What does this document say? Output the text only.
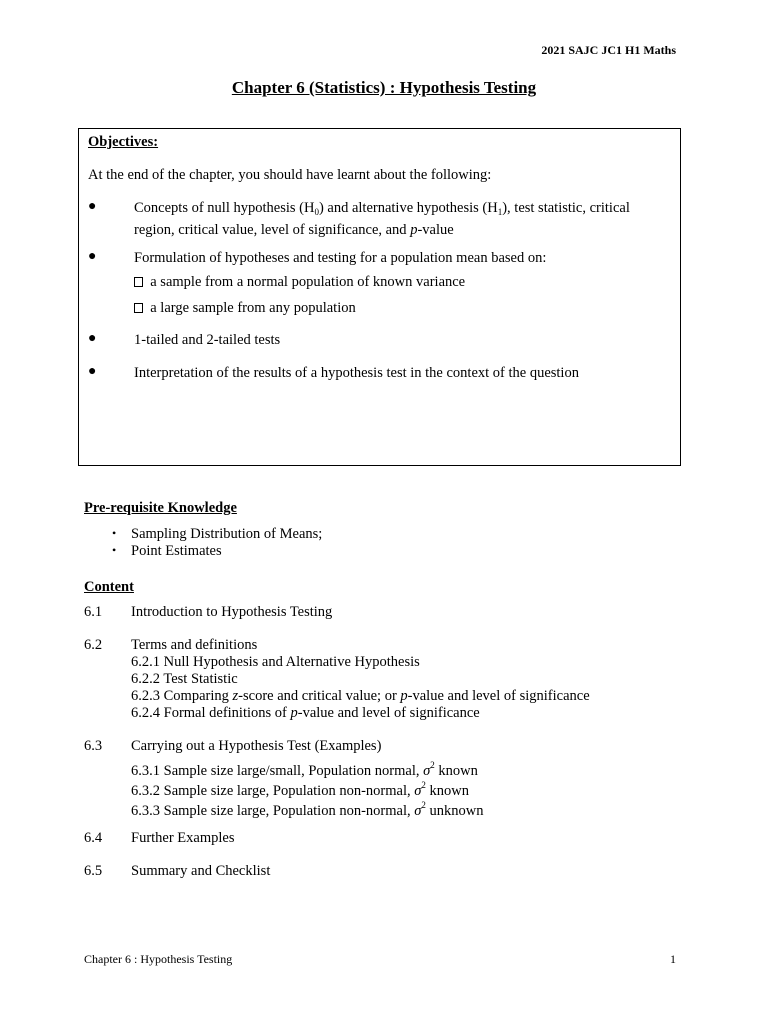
2021 SAJC JC1 H1 Maths
Chapter 6 (Statistics) : Hypothesis Testing
Objectives:
At the end of the chapter, you should have learnt about the following:
●	Concepts of null hypothesis $(H_0)$ and alternative hypothesis $(H_1)$, test statistic, critical
region, critical value, level of significance, and p-value
●	Formulation of hypotheses and testing for a population mean based on:
a sample from a normal population of known variance
a large sample from any population
●	1-tailed and 2-tailed tests
●	Interpretation of the results of a hypothesis test in the context of the question
Pre-requisite Knowledge
• Sampling Distribution of Means;
• Point Estimates
Content
6.1 Introduction to Hypothesis Testing
6.2 Terms and definitions
6.2.1 Null Hypothesis and Alternative Hypothesis
6.2.2 Test Statistic
6.2.3 Comparing z-score and critical value; or p-value and level of significance
6.2.4 Formal definitions of p-value and level of significance
6.3 Carrying out a Hypothesis Test (Examples)
6.3.1 Sample size large/small, Population normal, $\sigma^2$ known
6.3.2 Sample size large, Population non-normal, $\sigma^2$ known
6.3.3 Sample size large, Population non-normal, $\sigma^2$ unknown
6.4 Further Examples
6.5 Summary and Checklist
Chapter 6 : Hypothesis Testing	1
